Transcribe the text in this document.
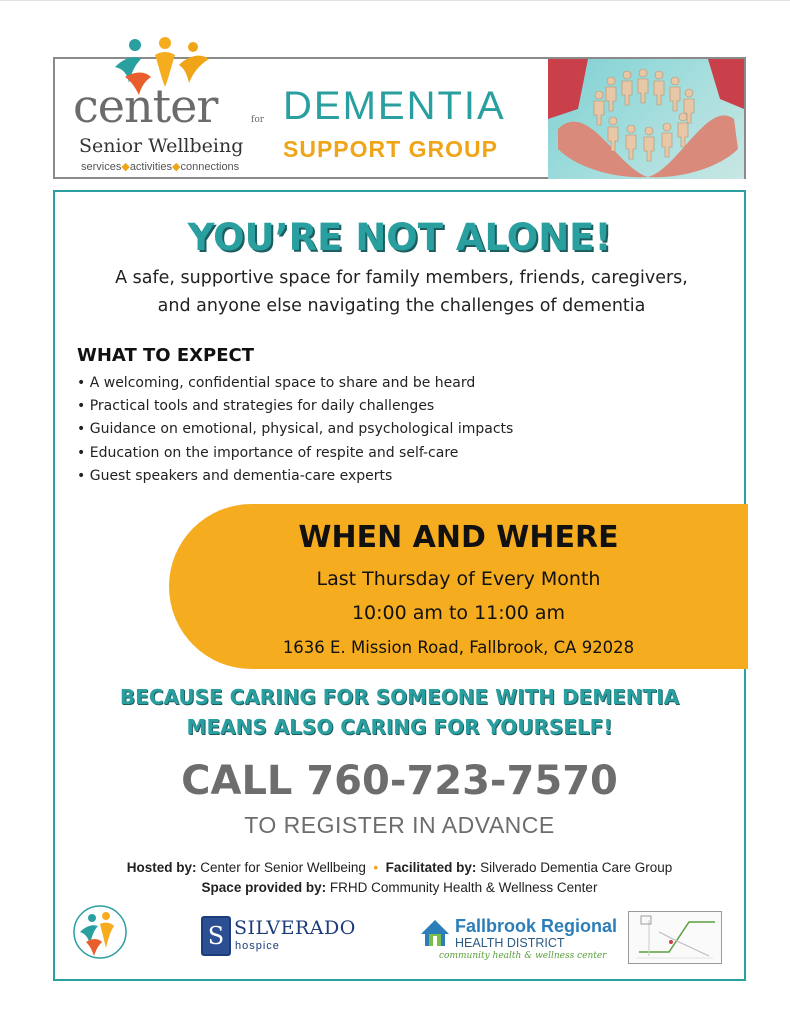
center	for
Senior Wellbeing
services◆activities◆connections
DEMENTIA
SUPPORT GROUP
YOU’RE NOT ALONE!
A safe, supportive space for family members, friends, caregivers,
and anyone else navigating the challenges of dementia
WHAT TO EXPECT
• A welcoming, confidential space to share and be heard
• Practical tools and strategies for daily challenges
• Guidance on emotional, physical, and psychological impacts
• Education on the importance of respite and self-care
• Guest speakers and dementia-care experts
WHEN AND WHERE
Last Thursday of Every Month
10:00 am to 11:00 am
1636 E. Mission Road, Fallbrook, CA 92028
BECAUSE CARING FOR SOMEONE WITH DEMENTIA
MEANS ALSO CARING FOR YOURSELF!
CALL 760-723-7570
TO REGISTER IN ADVANCE
Hosted by: Center for Senior Wellbeing  •  Facilitated by: Silverado Dementia Care Group
Space provided by: FRHD Community Health & Wellness Center
S SILVERADO
hospice
Fallbrook Regional
HEALTH DISTRICT
community health & wellness center
